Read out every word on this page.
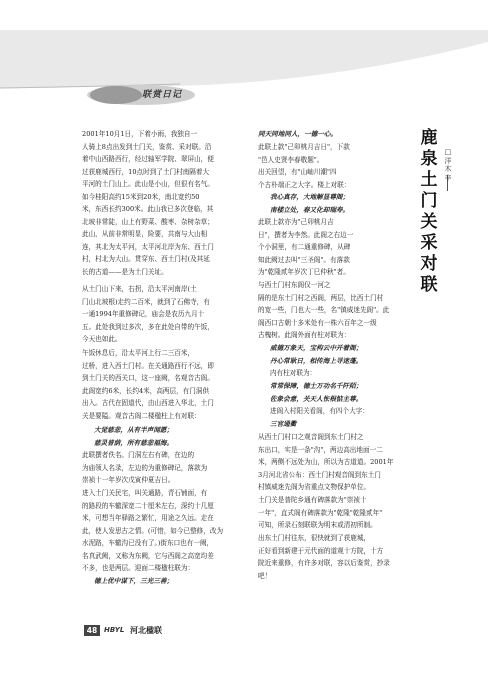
联赏日记
鹿
泉
土
门
关
采
对
联
□
洋
木
辛
2001年10月1日，下着小雨，我独自一
人骑上8点出发到土门关，鉴赏、采对联。沿
着中山西路西行，经过轴军学院、翠屏山，便
过获鹿城西行，10点时到了土门村南隔着大
平河的土门山上。此山是小山，但很有名气。
如今桂阳高约15米到20米，南北宽约50
米，东西长约300米。此山我已多次登临，其
北坡非常陡，山上有野菜、酸枣、杂树杂草；
此山，从前非常明显，险要，共南与大山相
连，其北为太平河，太平河北岸为东、西土门
村，村北为大山。贯穿东、西土门村(及其延
长的古道——是为土门关址。
从土门山下来，右拐，沿太平河南岸(土
门山北坡根)走约二百米，就到了石佛寺，有
一通1994年重修碑记，庙会是农历九月十
五。此处我到过多次，多在此处自带的午饭，
今天也如此。
午饭休息后，沿太平河上行二三百米，
过桥，进入西土门村。在关通路西行不远，即
到土门关的西关口，这一座阙，名观音古阁。
此阁宽约6米，长约4米，高两层，有门洞供
出入。古代在固道代，由山西进入华北，土门
关是要隘。观音古阁二楼楹柱上有对联：
大觉慈悲，从有半声闻愿；
慈灵普荫，所有慈悲福海。
此联撰者佚名。门洞左右有碑，在边的
为庙领人名录，左边的为重修碑记，落款为
崇祯十一年岁次戊寅仲夏吉日。
进入土门关民宅，叫关通路，青石铺面，有
的路段的车辙深宽二十厘米左右，深约十几厘
米，可想当年驿路之繁忙，用途之久远。走在
此，使人发思古之情。(可惜，如今已整修，改为
水泥路，车辙沟已没有了。)街东口也有一阙，
名真武阙，又称为东阙，它与西阁之高宽均差
不多，也是两层。迎面二楼楹柱联为：
德上优中谋下，三光三善；
同天同地同人，一德一心。
此联上款"己卯桃月吉日"，下款
"邑人史贤李春敬题"。
出关回望，有"山岫川潮"四
个古朴端正之大字。楼上对联：
我心真存，大地解显尊阁；
南楼立处，春又化却瑞寿。
此联上款亦为"己卯桃月吉
日"，撰者为李然。此阁之右边一
个小洞里，有二通重修碑，从碑
知此阙过去叫"三圣阁"。有落款
为"乾隆贰年岁次丁巳仲秋"者。
与西土门村东阁仅一河之
隔的是东土门村之西阁，两层，比西土门村
的宽一些，门也大一些，名"镇威迷先阁"。此
阁西口古朝十多米处有一株六百年之一级
古槐树。此阁外面有柱对联为：
威德万象天，宝构云中开着阁；
丹心常耿日，相传海上寻迷蓬。
内有柱对联为：
常常保障，德士万功名千阡陌；
佐象会意，关天人怅根惦主尊。
进阁入村阳关看阁，有四个大字：
三官通衢
从西土门村口之观音阁到东土门村之
东出口，实是一条"沟"，两边高出地面一二
米，两侧不远处为山，所以为古道道。2001年
3月河北省公布：西土门村观音阁到东土门
村镇威迷先阁为省重点文物保护单位。
土门关是普陀乡通有碑落款为"崇祯十
一年"，直式阁有碑落款为"乾隆"乾隆贰年"
可知，所录石刻联联为明末或清初所制。
出东土门村往东，很快就到了获鹿城，
正好看到新建于元代面的道观十方院，十方
院近来重修，有许多对联，容以后鉴赏，抄录
吧！
48 HBYL 河北楹联
